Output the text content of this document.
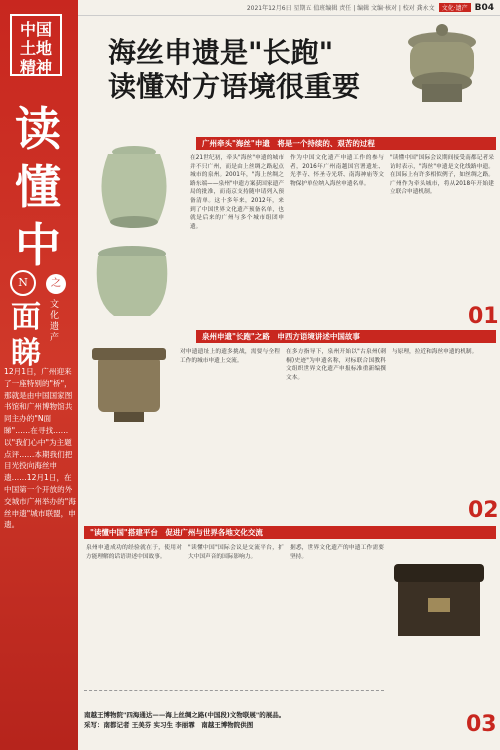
2021年12月6日 星期五 值班编辑 责任 | 编辑 文编·核对 | 校对 龚永文	文化·遗产 B04
中国
土地
精神
读
懂
中
N
面
睇
之
文化遗产
12月1日，广州迎来了一座特别的"桥"，那就是由中国国家图书馆和广州博物馆共同主办的"N面睇"……在寻找……以"我们心中"为主题点评……本期我们把目光投向海丝申遗……12月1日，在中国第一个开放的外交城市广州举办的"海丝申遗"城市联盟，申遗。
海丝申遗是"长跑"
读懂对方语境很重要
广州牵头"海丝"申遗　将是一个持续的、艰苦的过程
在21世纪初，牵头"海丝"申遗的城市并不只广州，而是由上丝绸之路起点城市的泉州。2001年，"海上丝绸之路东端——泉州"申遗方案获国家遗产局的批准，而南京支持随申请列入预备清单。这十多年来，2012年，来到了中国世界文化遗产预备名单，也就是后来的广州与多个城市组团申遗。
作为中国文化遗产申遗工作的参与者，2016年广州南越国宫署遗址、光孝寺、怀圣寺光塔、南海神庙等文物保护单位纳入海丝申遗名单。
"读懂中国"国际会议期间接受南都记者采访时表示，"海丝"申遗是文化线路申遗。在国际上有许多相似例子，如丝绸之路。广州作为牵头城市，将从2018年开始建立联合申遗机制。
01
泉州申遗"长跑"之路　申西方语境讲述中国故事
对申遗遗址上的遗多挑战，需要与全程工作的城市申遗上交流。
在多方指导下，泉州开始以"古泉州(刺桐)史迹"为申遗名称，对标联合国教科文组织世界文化遗产申报标准重新编撰文本。
与原理，拉近和海丝申遗的机制。
02
"读懂中国"搭建平台　促进广州与世界各地文化交流
泉州申遗成功的经验就在于，使用对方能理解的话语讲述中国故事。
"读懂中国"国际会议是交流平台，扩大中国声音的国际影响力。
据悉，世界文化遗产的申遗工作需要坚持。
03
南越王博物院"四海通达——海上丝绸之路(中国段)文物联展"的展品。
采写：南都记者 王美芬 实习生 李丽霏　南越王博物院供图
